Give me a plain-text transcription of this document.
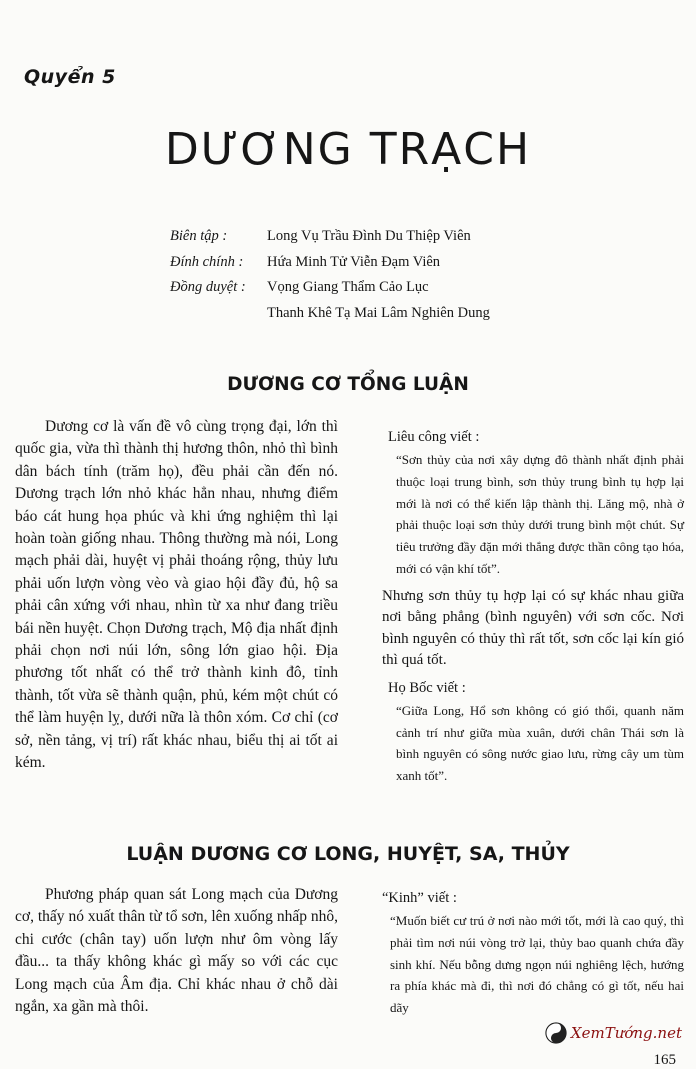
Quyển 5
DƯƠNG TRẠCH
Biên tập :	Long Vụ Trầu Đình Du Thiệp Viên
Đính chính :	Hứa Minh Tử Viễn Đạm Viên
Đồng duyệt :	Vọng Giang Thẩm Cảo Lục
Thanh Khê Tạ Mai Lâm Nghiên Dung
DƯƠNG CƠ TỔNG LUẬN

Dương cơ là vấn đề vô cùng trọng đại, lớn thì quốc gia, vừa thì thành thị hương thôn, nhỏ thì bình dân bách tính (trăm họ), đều phải cần đến nó. Dương trạch lớn nhỏ khác hẳn nhau, nhưng điểm báo cát hung họa phúc và khi ứng nghiệm thì lại hoàn toàn giống nhau. Thông thường mà nói, Long mạch phải dài, huyệt vị phải thoáng rộng, thủy lưu phải uốn lượn vòng vèo và giao hội đầy đủ, hộ sa phải cân xứng với nhau, nhìn từ xa như đang triều bái nền huyệt. Chọn Dương trạch, Mộ địa nhất định phải chọn nơi núi lớn, sông lớn giao hội. Địa phương tốt nhất có thể trở thành kinh đô, tỉnh thành, tốt vừa sẽ thành quận, phủ, kém một chút có thể làm huyện lỵ, dưới nữa là thôn xóm. Cơ chỉ (cơ sở, nền tảng, vị trí) rất khác nhau, biểu thị ai tốt ai kém.

Liêu công viết :

“Sơn thủy của nơi xây dựng đô thành nhất định phải thuộc loại trung bình, sơn thủy trung bình tụ hợp lại mới là nơi có thể kiến lập thành thị. Lăng mộ, nhà ở phải thuộc loại sơn thủy dưới trung bình một chút. Sự tiêu trưởng đầy đặn mới thắng được thần công tạo hóa, mới có vận khí tốt”.

Nhưng sơn thủy tụ hợp lại có sự khác nhau giữa nơi bằng phẳng (bình nguyên) với sơn cốc. Nơi bình nguyên có thủy thì rất tốt, sơn cốc lại kín gió thì quá tốt.

Họ Bốc viết :

“Giữa Long, Hổ sơn không có gió thổi, quanh năm cảnh trí như giữa mùa xuân, dưới chân Thái sơn là bình nguyên có sông nước giao lưu, rừng cây um tùm xanh tốt”.

LUẬN DƯƠNG CƠ LONG, HUYỆT, SA, THỦY

Phương pháp quan sát Long mạch của Dương cơ, thấy nó xuất thân từ tổ sơn, lên xuống nhấp nhô, chi cước (chân tay) uốn lượn như ôm vòng lấy đầu... ta thấy không khác gì mấy so với các cục Long mạch của Âm địa. Chỉ khác nhau ở chỗ dài ngắn, xa gần mà thôi.

“Kinh” viết :

“Muốn biết cư trú ở nơi nào mới tốt, mới là cao quý, thì phải tìm nơi núi vòng trở lại, thủy bao quanh chứa đầy sinh khí. Nếu bỗng dưng ngọn núi nghiêng lệch, hướng ra phía khác mà đi, thì nơi đó chẳng có gì tốt, nếu hai dãy

XemTướng.net
165
